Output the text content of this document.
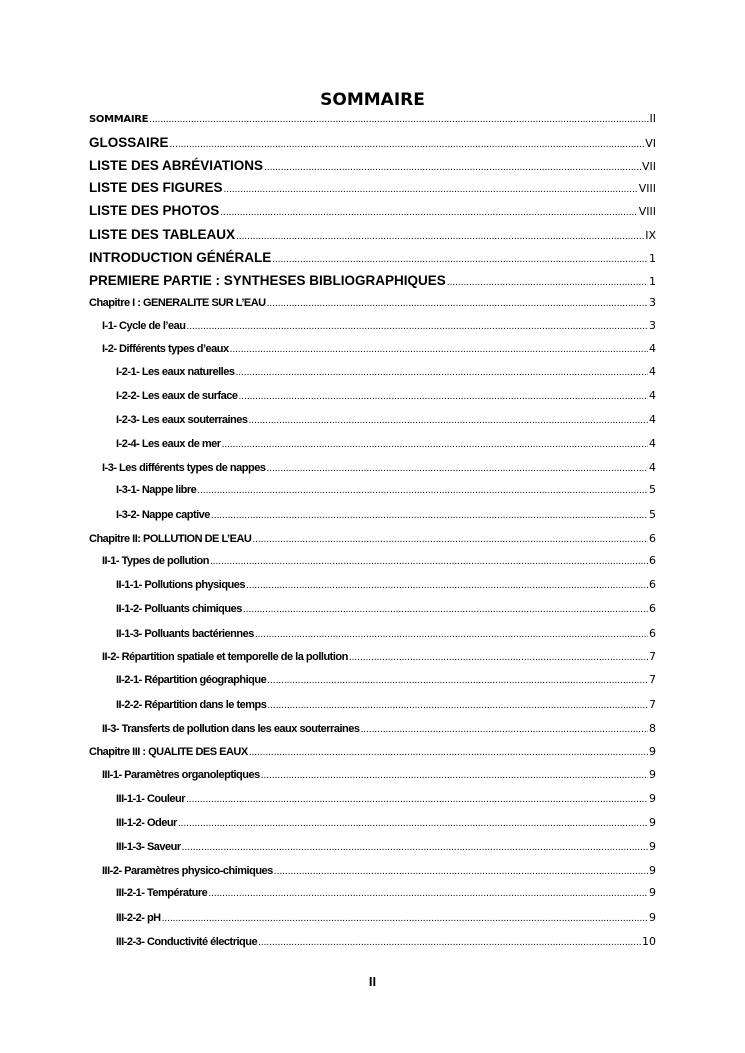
SOMMAIRE
SOMMAIRE .....	II
GLOSSAIRE .....	VI
LISTE DES ABRÉVIATIONS .....	VII
LISTE DES FIGURES .....	VIII
LISTE DES PHOTOS .....	VIII
LISTE DES TABLEAUX .....	IX
INTRODUCTION GÉNÉRALE .....	1
PREMIERE PARTIE : SYNTHESES BIBLIOGRAPHIQUES .....	1
Chapitre I : GENERALITE SUR L’EAU .....	3
I-1- Cycle de l’eau .....	3
I-2- Différents types d’eaux .....	4
I-2-1- Les eaux naturelles .....	4
I-2-2- Les eaux de surface .....	4
I-2-3- Les eaux souterraines .....	4
I-2-4- Les eaux de mer .....	4
I-3- Les différents types de nappes .....	4
I-3-1- Nappe libre .....	5
I-3-2- Nappe captive .....	5
Chapitre II: POLLUTION DE L’EAU .....	6
II-1- Types de pollution .....	6
II-1-1- Pollutions physiques .....	6
II-1-2- Polluants chimiques .....	6
II-1-3- Polluants bactériennes .....	6
II-2- Répartition spatiale et temporelle de la pollution .....	7
II-2-1- Répartition géographique .....	7
II-2-2- Répartition dans le temps .....	7
II-3- Transferts de pollution dans les eaux souterraines .....	8
Chapitre III : QUALITE DES EAUX .....	9
III-1- Paramètres organoleptiques .....	9
III-1-1- Couleur .....	9
III-1-2- Odeur .....	9
III-1-3- Saveur .....	9
III-2- Paramètres physico-chimiques .....	9
III-2-1- Température .....	9
III-2-2- pH .....	9
III-2-3- Conductivité électrique .....	10
II
